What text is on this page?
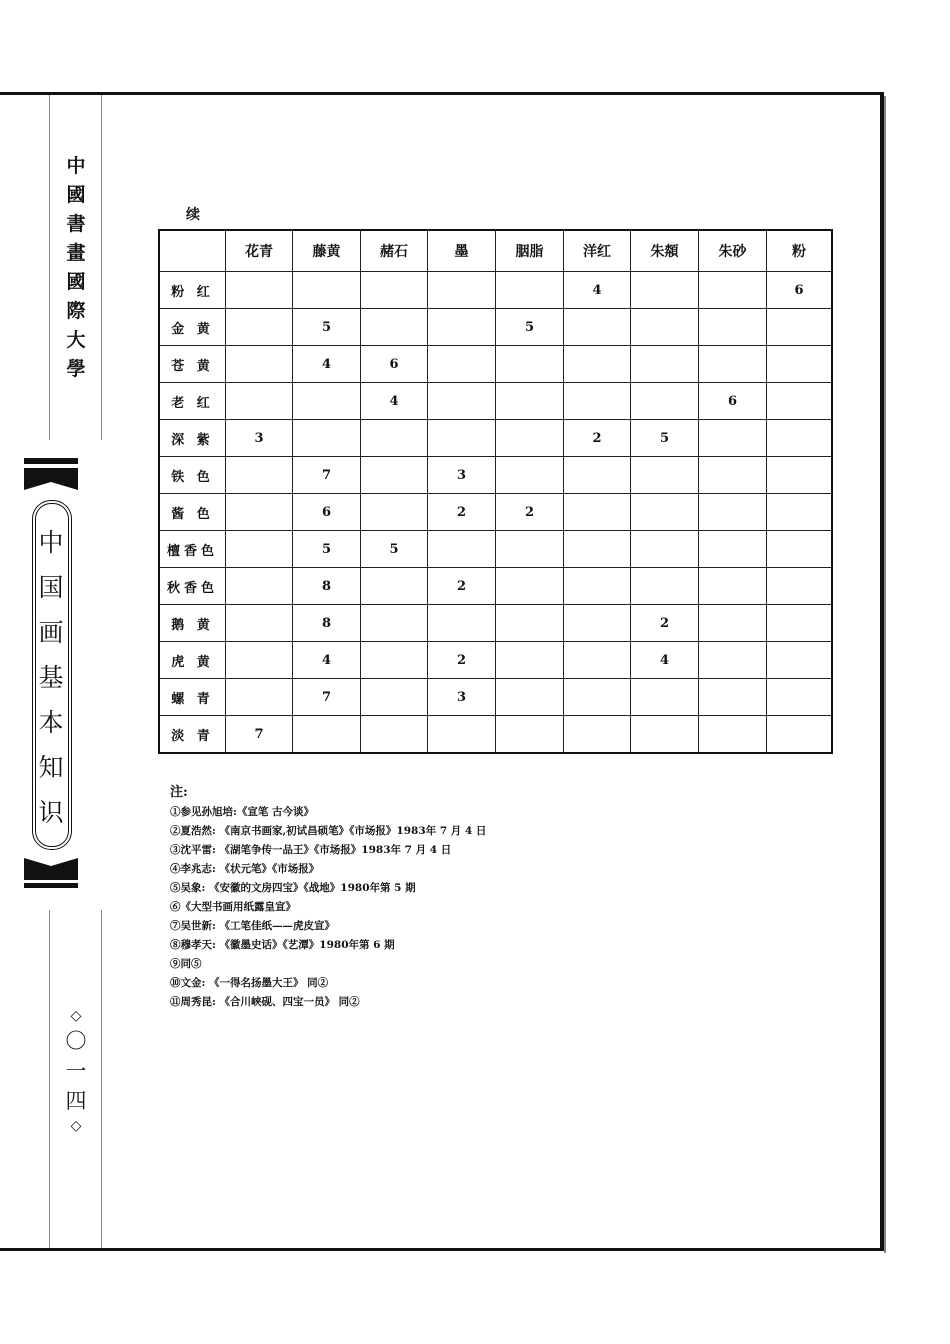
中
國
書
畫
國
際
大
學
中
国
画
基
本
知
识
◇
〇
一
四
◇
续
	花青	藤黄	赭石	墨	胭脂	洋红	朱頮	朱砂	粉
粉 红						4			6
金 黄		5			5				
苍 黄		4	6						
老 红			4					6	
深 紫	3					2	5		
铁 色		7		3					
酱 色		6		2	2				
檀香色		5	5						
秋香色		8		2					
鹅 黄		8					2		
虎 黄		4		2			4		
螺 青		7		3					
淡 青	7								
注:
①参见孙旭培:《宣笔 古今谈》
②夏浩然: 《南京书画家,初试昌硕笔》《市场报》1983年 7 月 4 日
③沈平雷: 《湖笔争传一品王》《市场报》1983年 7 月 4 日
④李兆志: 《状元笔》《市场报》
⑤吴象: 《安徽的文房四宝》《战地》1980年第 5 期
⑥《大型书画用纸露皇宣》
⑦吴世新: 《工笔佳纸——虎皮宣》
⑧穆孝天: 《徽墨史话》《艺潭》1980年第 6 期
⑨同⑤
⑩文金: 《一得名扬墨大王》 同②
⑪周秀昆: 《合川峡砚、四宝一员》 同②
